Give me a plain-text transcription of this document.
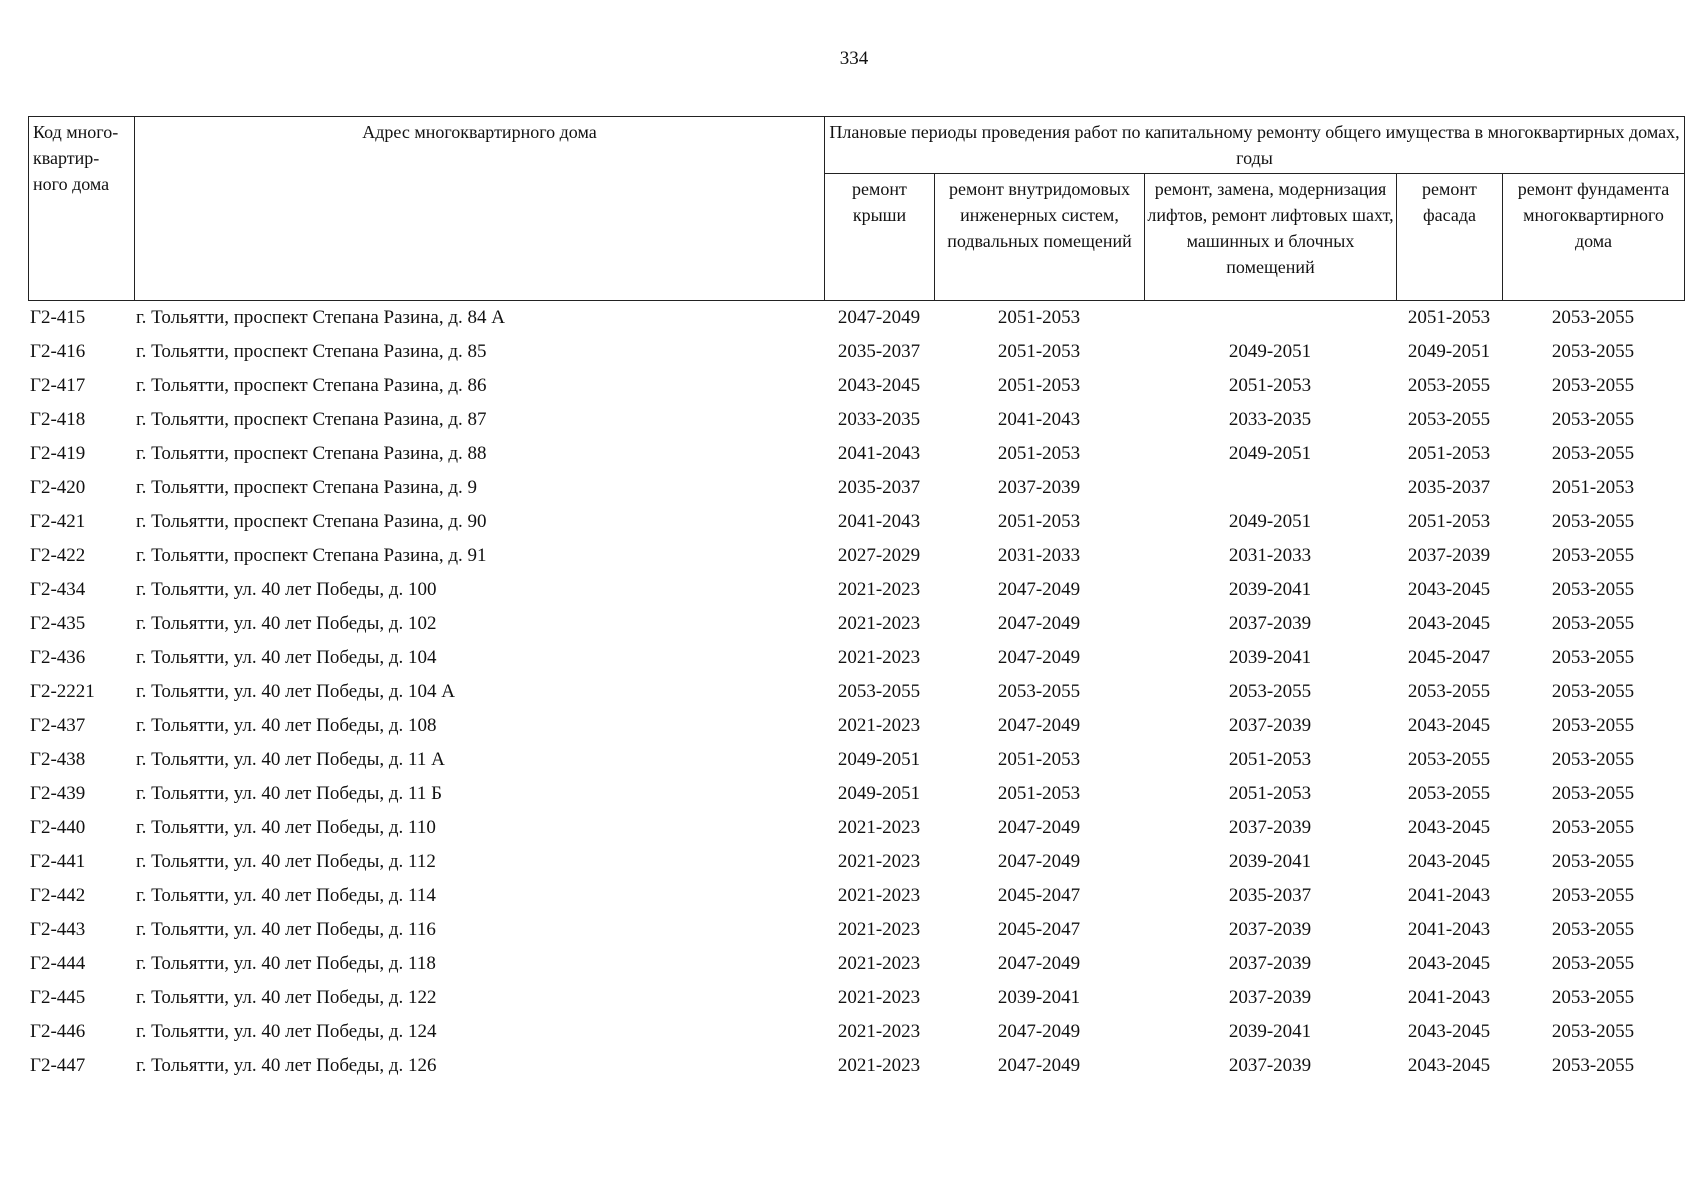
334
Код много-квартир-ного дома	Адрес многоквартирного дома	Плановые периоды проведения работ по капитальному ремонту общего имущества в многоквартирных домах, годы				
		ремонт крыши	ремонт внутридомовых инженерных систем, подвальных помещений	ремонт, замена, модернизация лифтов, ремонт лифтовых шахт, машинных и блочных помещений	ремонт фасада	ремонт фундамента многоквартирного дома
Г2-415	г. Тольятти, проспект Степана Разина, д. 84 А	2047-2049	2051-2053		2051-2053	2053-2055
Г2-416	г. Тольятти, проспект Степана Разина, д. 85	2035-2037	2051-2053	2049-2051	2049-2051	2053-2055
Г2-417	г. Тольятти, проспект Степана Разина, д. 86	2043-2045	2051-2053	2051-2053	2053-2055	2053-2055
Г2-418	г. Тольятти, проспект Степана Разина, д. 87	2033-2035	2041-2043	2033-2035	2053-2055	2053-2055
Г2-419	г. Тольятти, проспект Степана Разина, д. 88	2041-2043	2051-2053	2049-2051	2051-2053	2053-2055
Г2-420	г. Тольятти, проспект Степана Разина, д. 9	2035-2037	2037-2039		2035-2037	2051-2053
Г2-421	г. Тольятти, проспект Степана Разина, д. 90	2041-2043	2051-2053	2049-2051	2051-2053	2053-2055
Г2-422	г. Тольятти, проспект Степана Разина, д. 91	2027-2029	2031-2033	2031-2033	2037-2039	2053-2055
Г2-434	г. Тольятти, ул. 40 лет Победы, д. 100	2021-2023	2047-2049	2039-2041	2043-2045	2053-2055
Г2-435	г. Тольятти, ул. 40 лет Победы, д. 102	2021-2023	2047-2049	2037-2039	2043-2045	2053-2055
Г2-436	г. Тольятти, ул. 40 лет Победы, д. 104	2021-2023	2047-2049	2039-2041	2045-2047	2053-2055
Г2-2221	г. Тольятти, ул. 40 лет Победы, д. 104 А	2053-2055	2053-2055	2053-2055	2053-2055	2053-2055
Г2-437	г. Тольятти, ул. 40 лет Победы, д. 108	2021-2023	2047-2049	2037-2039	2043-2045	2053-2055
Г2-438	г. Тольятти, ул. 40 лет Победы, д. 11 А	2049-2051	2051-2053	2051-2053	2053-2055	2053-2055
Г2-439	г. Тольятти, ул. 40 лет Победы, д. 11 Б	2049-2051	2051-2053	2051-2053	2053-2055	2053-2055
Г2-440	г. Тольятти, ул. 40 лет Победы, д. 110	2021-2023	2047-2049	2037-2039	2043-2045	2053-2055
Г2-441	г. Тольятти, ул. 40 лет Победы, д. 112	2021-2023	2047-2049	2039-2041	2043-2045	2053-2055
Г2-442	г. Тольятти, ул. 40 лет Победы, д. 114	2021-2023	2045-2047	2035-2037	2041-2043	2053-2055
Г2-443	г. Тольятти, ул. 40 лет Победы, д. 116	2021-2023	2045-2047	2037-2039	2041-2043	2053-2055
Г2-444	г. Тольятти, ул. 40 лет Победы, д. 118	2021-2023	2047-2049	2037-2039	2043-2045	2053-2055
Г2-445	г. Тольятти, ул. 40 лет Победы, д. 122	2021-2023	2039-2041	2037-2039	2041-2043	2053-2055
Г2-446	г. Тольятти, ул. 40 лет Победы, д. 124	2021-2023	2047-2049	2039-2041	2043-2045	2053-2055
Г2-447	г. Тольятти, ул. 40 лет Победы, д. 126	2021-2023	2047-2049	2037-2039	2043-2045	2053-2055
